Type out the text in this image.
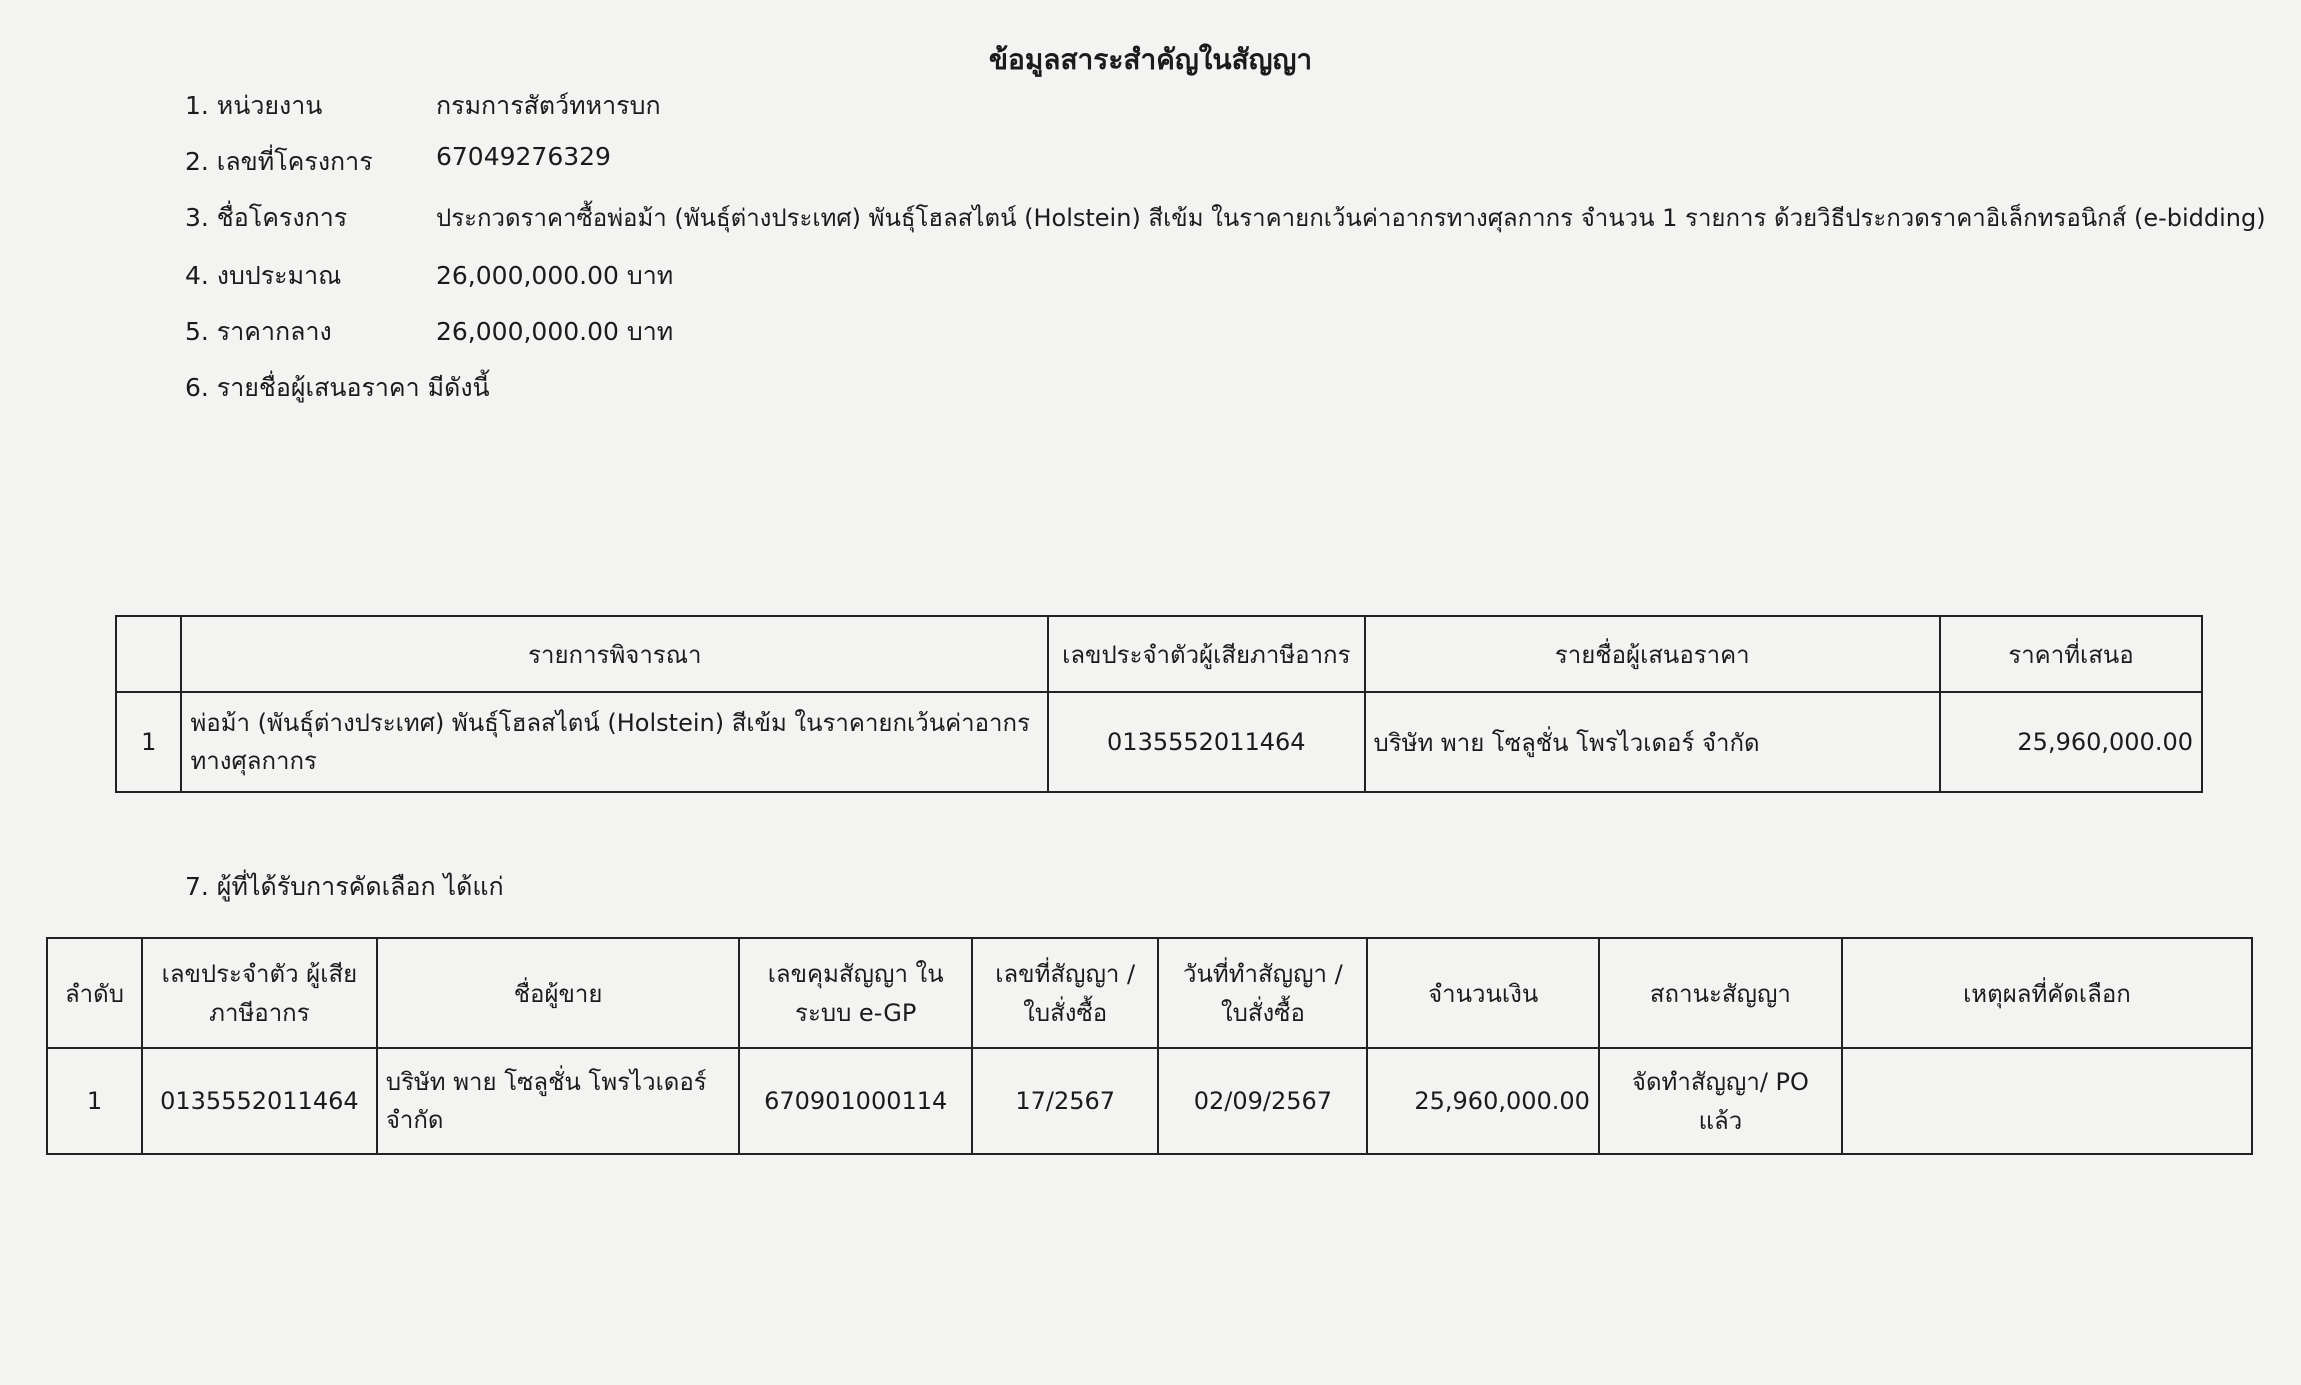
ข้อมูลสาระสำคัญในสัญญา
1. หน่วยงาน	กรมการสัตว์ทหารบก
2. เลขที่โครงการ	67049276329
3. ชื่อโครงการ	ประกวดราคาซื้อพ่อม้า (พันธุ์ต่างประเทศ) พันธุ์โฮลสไตน์ (Holstein) สีเข้ม ในราคายกเว้นค่าอากรทางศุลกากร จำนวน 1 รายการ ด้วยวิธีประกวดราคาอิเล็กทรอนิกส์ (e-bidding)
4. งบประมาณ	26,000,000.00 บาท
5. ราคากลาง	26,000,000.00 บาท
6. รายชื่อผู้เสนอราคา มีดังนี้
	รายการพิจารณา	เลขประจำตัวผู้เสียภาษีอากร	รายชื่อผู้เสนอราคา	ราคาที่เสนอ
1	พ่อม้า (พันธุ์ต่างประเทศ) พันธุ์โฮลสไตน์ (Holstein) สีเข้ม ในราคายกเว้นค่าอากรทางศุลกากร	0135552011464	บริษัท พาย โซลูชั่น โพรไวเดอร์ จำกัด	25,960,000.00
7. ผู้ที่ได้รับการคัดเลือก ได้แก่
ลำดับ	เลขประจำตัว ผู้เสียภาษีอากร	ชื่อผู้ขาย	เลขคุมสัญญา ในระบบ e-GP	เลขที่สัญญา / ใบสั่งซื้อ	วันที่ทำสัญญา / ใบสั่งซื้อ	จำนวนเงิน	สถานะสัญญา	เหตุผลที่คัดเลือก
1	0135552011464	บริษัท พาย โซลูชั่น โพรไวเดอร์ จำกัด	670901000114	17/2567	02/09/2567	25,960,000.00	จัดทำสัญญา/ PO แล้ว	
